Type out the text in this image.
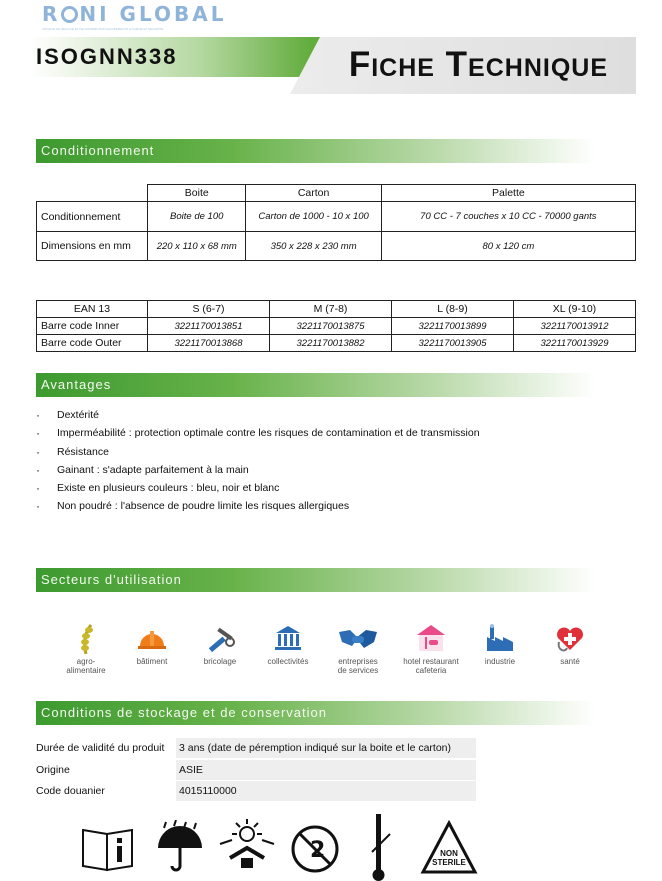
R NI GLOBAL
SOCIETE DE NEGOCE ET DE DISTRIBUTION EQUIPEMENTS HYGIENE ET SECURITE
ISOGNN338	Fiche Technique
Conditionnement
	Boite	Carton	Palette
Conditionnement	Boite de 100	Carton de 1000 - 10 x 100	70 CC - 7 couches x 10 CC - 70000 gants
Dimensions en mm	220 x 110 x 68 mm	350 x 228 x 230 mm	80 x 120 cm
EAN 13	S (6-7)	M (7-8)	L (8-9)	XL (9-10)
Barre code Inner	3221170013851	3221170013875	3221170013899	3221170013912
Barre code Outer	3221170013868	3221170013882	3221170013905	3221170013929
Avantages
· Dextérité
· Imperméabilité : protection optimale contre les risques de contamination et de transmission
· Résistance
· Gainant : s'adapte parfaitement à la main
· Existe en plusieurs couleurs : bleu, noir et blanc
· Non poudré : l'absence de poudre limite les risques allergiques
Secteurs d'utilisation
agro-
alimentaire
bâtiment	bricolage	collectivités	entreprises
de services
hotel restaurant
cafeteria
industrie	santé
Conditions de stockage et de conservation
Durée de validité du produit	3 ans (date de péremption indiqué sur la boite et le carton)
Origine	ASIE
Code douanier	4015110000
2	NON
STERILE
